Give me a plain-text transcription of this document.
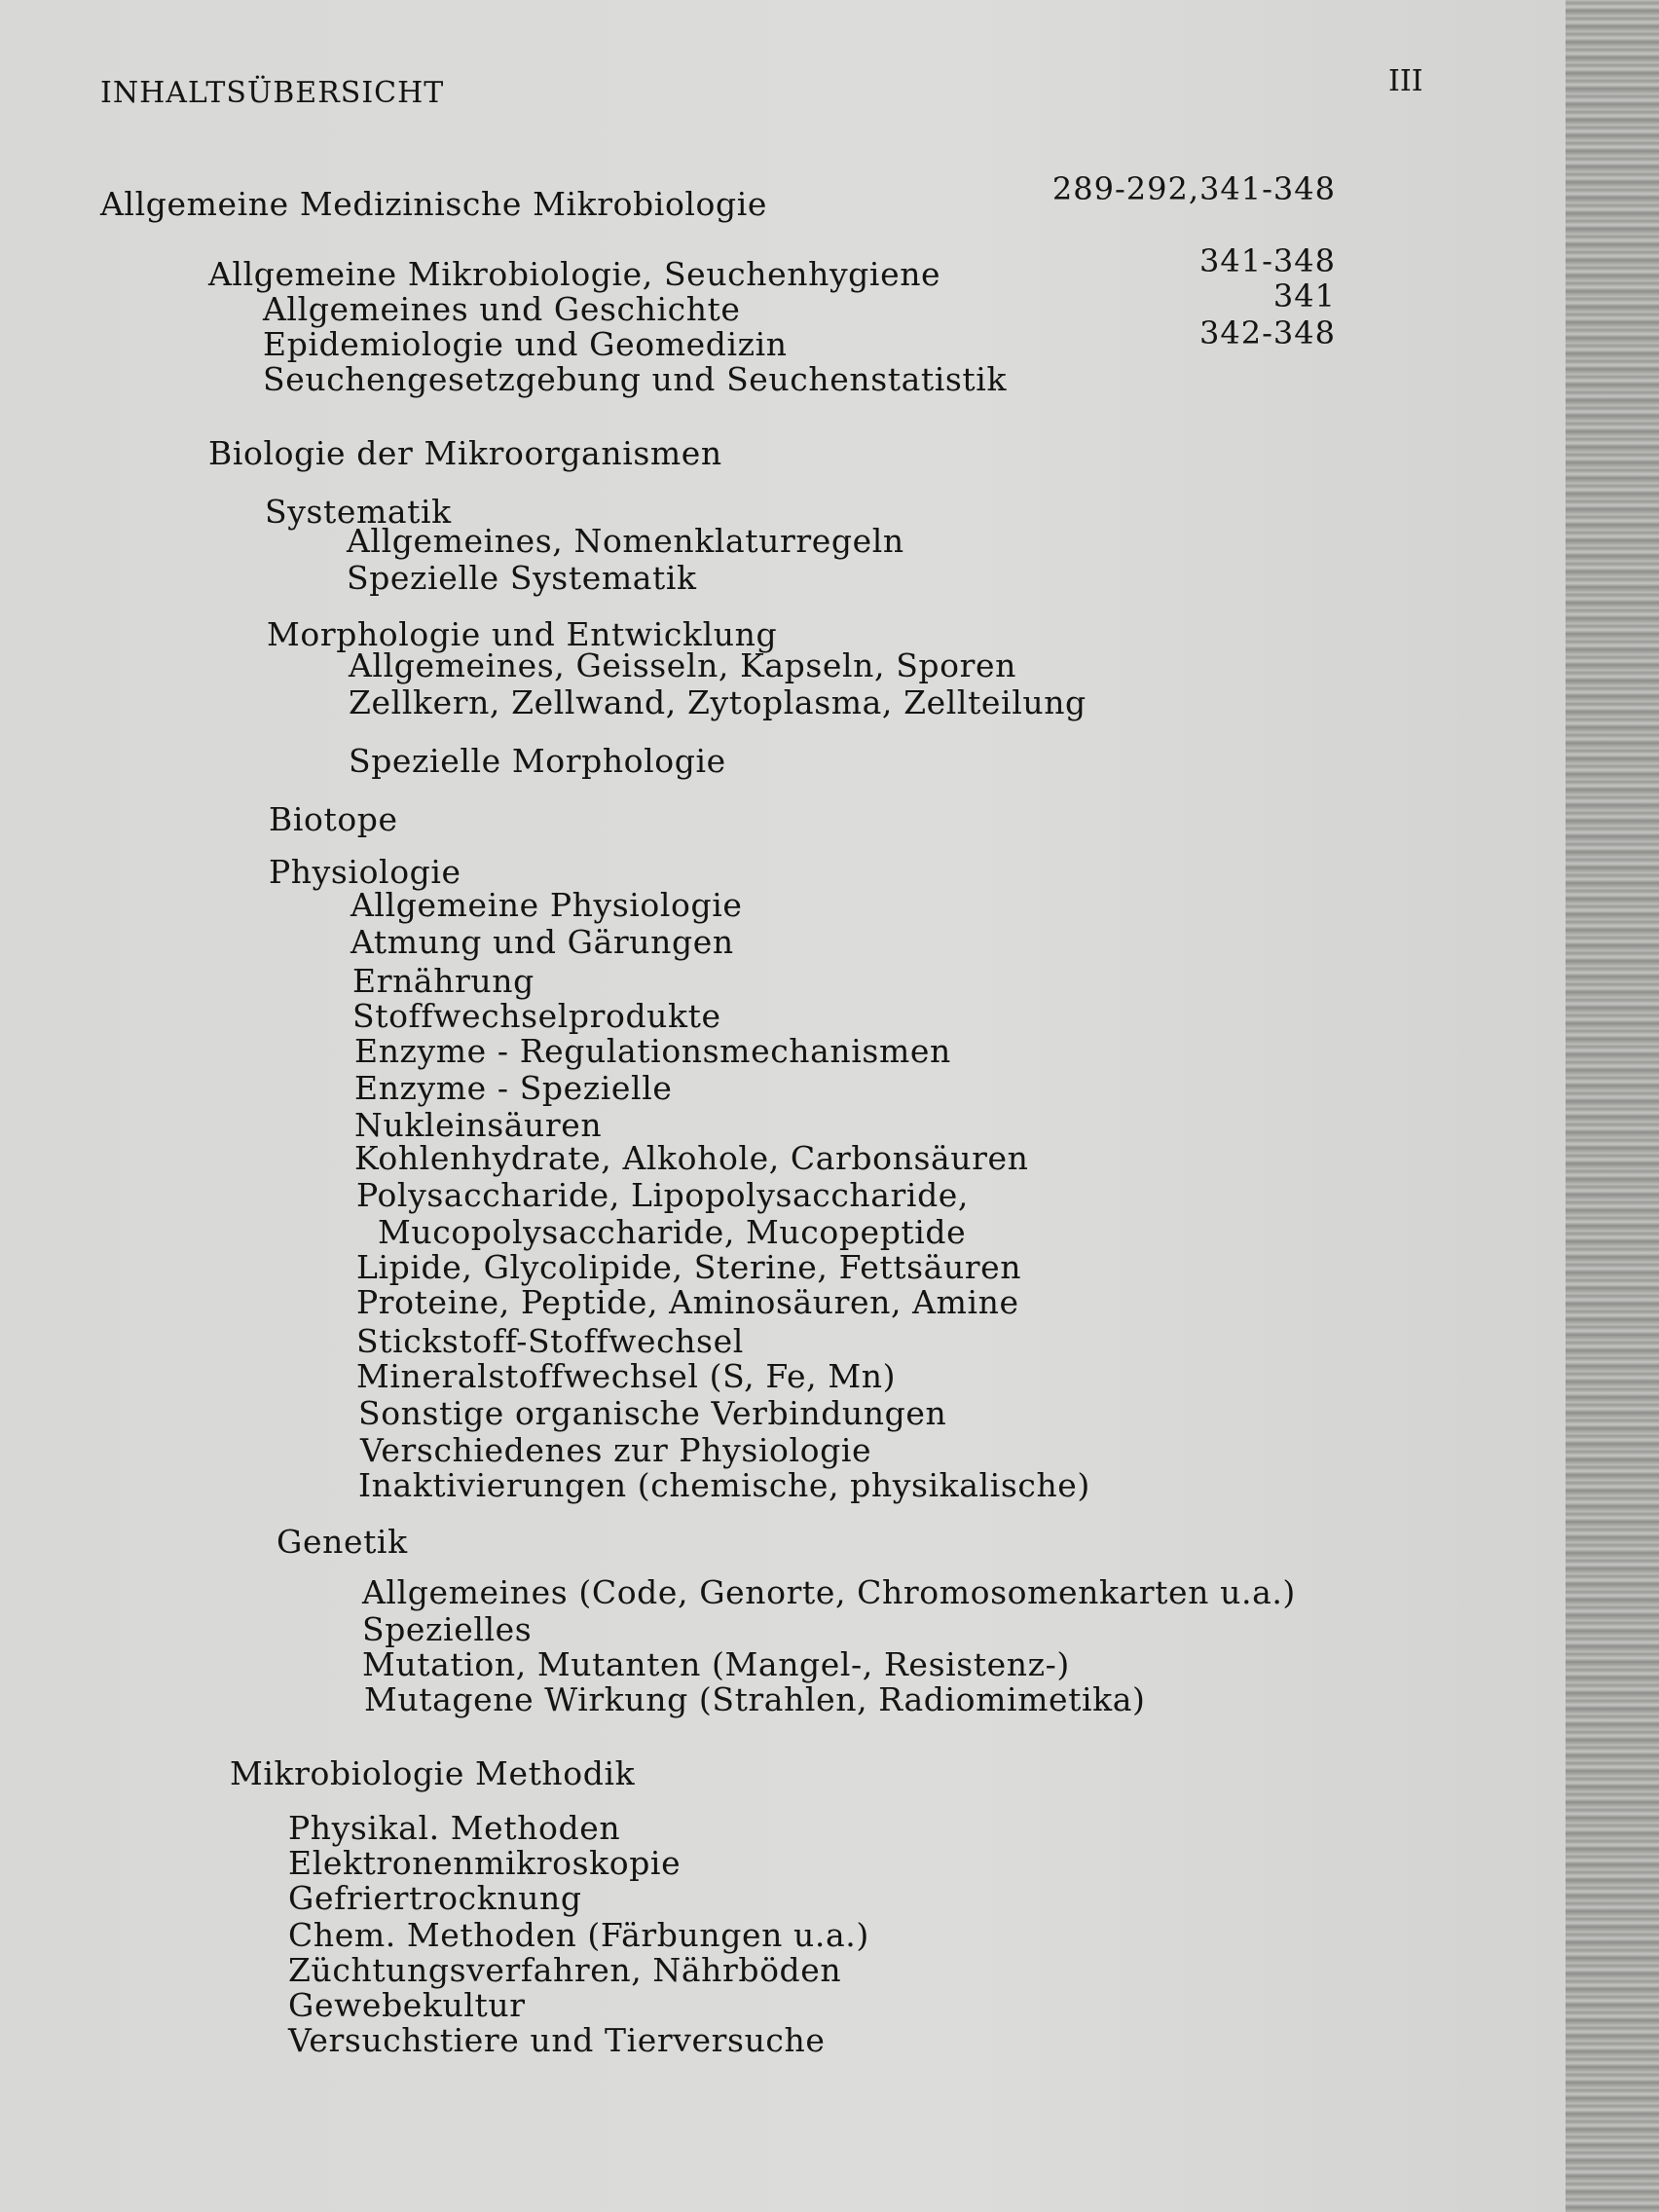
INHALTSÜBERSICHT	III
Allgemeine Medizinische Mikrobiologie	289-292,341-348
Allgemeine Mikrobiologie, Seuchenhygiene	341-348
Allgemeines und Geschichte	341
Epidemiologie und Geomedizin	342-348
Seuchengesetzgebung und Seuchenstatistik
Biologie der Mikroorganismen
Systematik
Allgemeines, Nomenklaturregeln
Spezielle Systematik
Morphologie und Entwicklung
Allgemeines, Geisseln, Kapseln, Sporen
Zellkern, Zellwand, Zytoplasma, Zellteilung
Spezielle Morphologie
Biotope
Physiologie
Allgemeine Physiologie
Atmung und Gärungen
Ernährung
Stoffwechselprodukte
Enzyme - Regulationsmechanismen
Enzyme - Spezielle
Nukleinsäuren
Kohlenhydrate, Alkohole, Carbonsäuren
Polysaccharide, Lipopolysaccharide,
Mucopolysaccharide, Mucopeptide
Lipide, Glycolipide, Sterine, Fettsäuren
Proteine, Peptide, Aminosäuren, Amine
Stickstoff-Stoffwechsel
Mineralstoffwechsel (S, Fe, Mn)
Sonstige organische Verbindungen
Verschiedenes zur Physiologie
Inaktivierungen (chemische, physikalische)
Genetik
Allgemeines (Code, Genorte, Chromosomenkarten u.a.)
Spezielles
Mutation, Mutanten (Mangel-, Resistenz-)
Mutagene Wirkung (Strahlen, Radiomimetika)
Mikrobiologie Methodik
Physikal. Methoden
Elektronenmikroskopie
Gefriertrocknung
Chem. Methoden (Färbungen u.a.)
Züchtungsverfahren, Nährböden
Gewebekultur
Versuchstiere und Tierversuche
